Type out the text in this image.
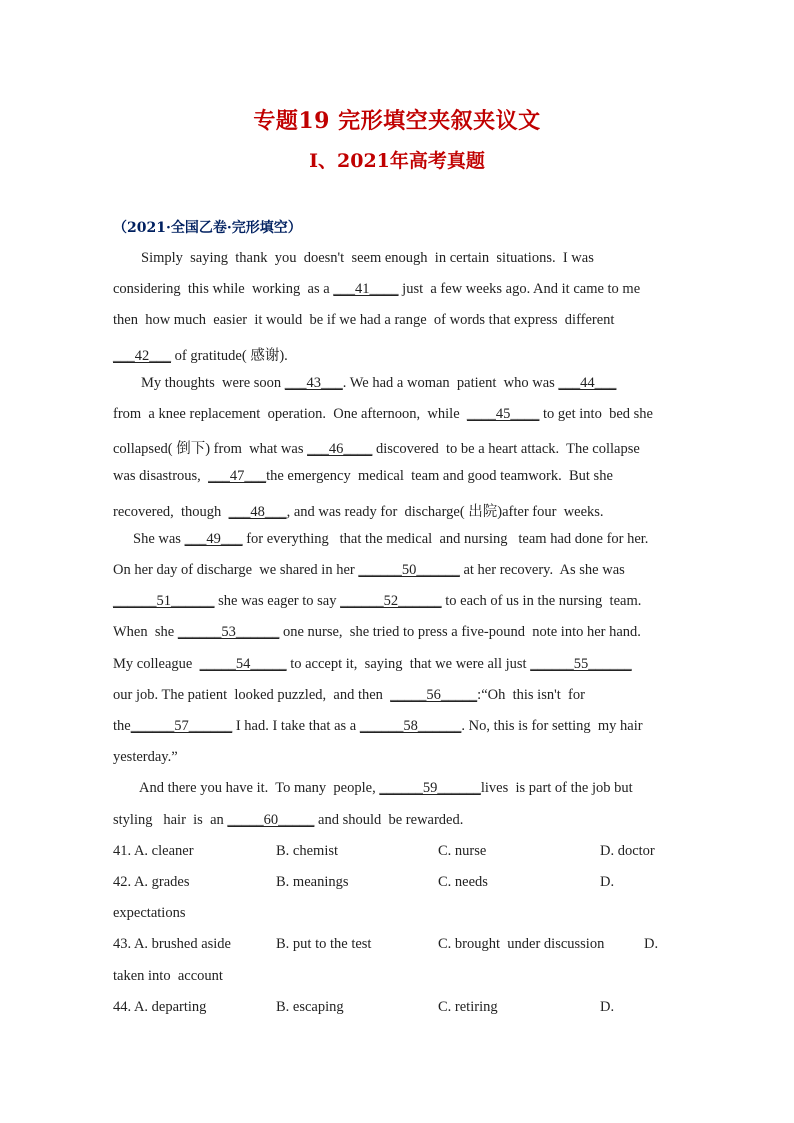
专题19 完形填空夹叙夹议文
I、2021年高考真题
（2021·全国乙卷·完形填空）
Simply  saying  thank  you  doesn't  seem enough  in certain  situations.  I was
considering  this while  working  as a ___41____ just  a few weeks ago. And it came to me
then  how much  easier  it would  be if we had a range  of words that express  different
___42___ of gratitude( 感谢).
My thoughts  were soon ___43___. We had a woman  patient  who was ___44___
from  a knee replacement  operation.  One afternoon,  while  ____45____ to get into  bed she
collapsed( 倒下) from  what was ___46____ discovered  to be a heart attack.  The collapse
was disastrous,  ___47___the emergency  medical  team and good teamwork.  But she
recovered,  though  ___48___, and was ready for  discharge( 出院)after four  weeks.
She was ___49___ for everything   that the medical  and nursing   team had done for her.
On her day of discharge  we shared in her ______50______ at her recovery.  As she was
______51______ she was eager to say ______52______ to each of us in the nursing  team.
When  she ______53______ one nurse,  she tried to press a five-pound  note into her hand.
My colleague  _____54_____ to accept it,  saying  that we were all just ______55______
our job. The patient  looked puzzled,  and then  _____56_____:“Oh  this isn't  for
the______57______ I had. I take that as a ______58______. No, this is for setting  my hair
yesterday.”
And there you have it.  To many  people, ______59______lives  is part of the job but
styling   hair  is  an _____60_____ and should  be rewarded.
41. A. cleaner	B. chemist	C. nurse	D. doctor
42. A. grades	B. meanings	C. needs	D.
expectations
43. A. brushed aside	B. put to the test	C. brought  under discussion	D.
taken into  account
44. A. departing	B. escaping	C. retiring	D.
